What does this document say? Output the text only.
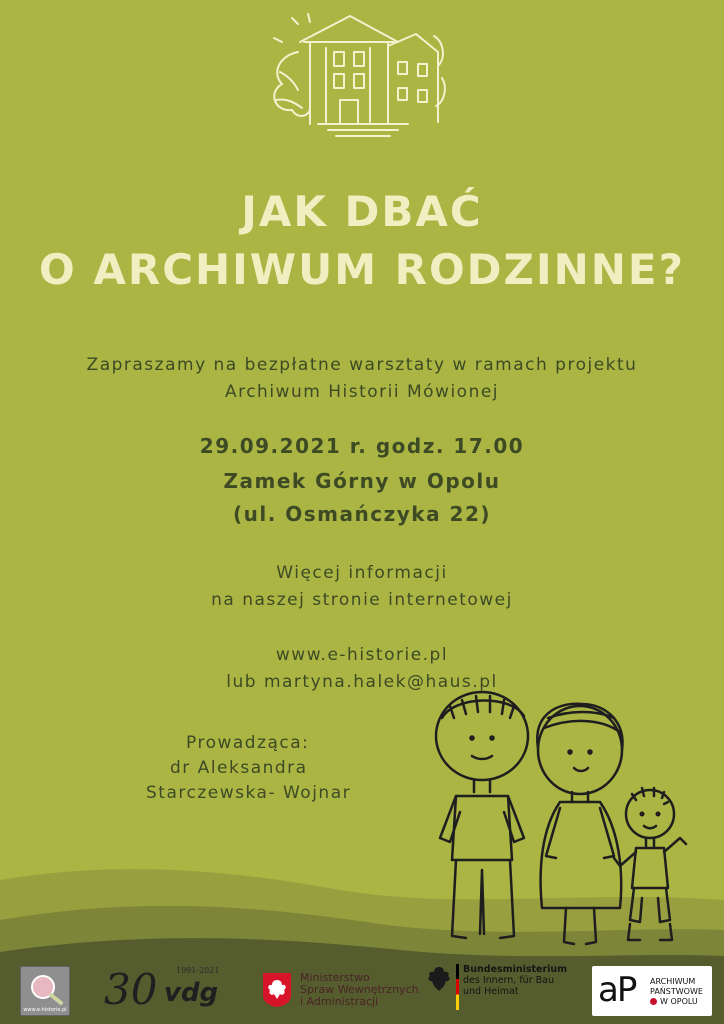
JAK DBAĆ
O ARCHIWUM RODZINNE?
Zapraszamy na bezpłatne warsztaty w ramach projektu
Archiwum Historii Mówionej
29.09.2021 r. godz. 17.00
Zamek Górny w Opolu
(ul. Osmańczyka 22)
Więcej informacji
na naszej stronie internetowej
www.e-historie.pl
lub martyna.halek@haus.pl
Prowadząca:
dr Aleksandra
Starczewska- Wojnar
www.e-historie.pl
1991-2021
30 vdg
Ministerstwo
Spraw Wewnętrznych
i Administracji
Bundesministerium
des Innern, für Bau
und Heimat aP ARCHIWUM
PAŃSTWOWE
W OPOLU
